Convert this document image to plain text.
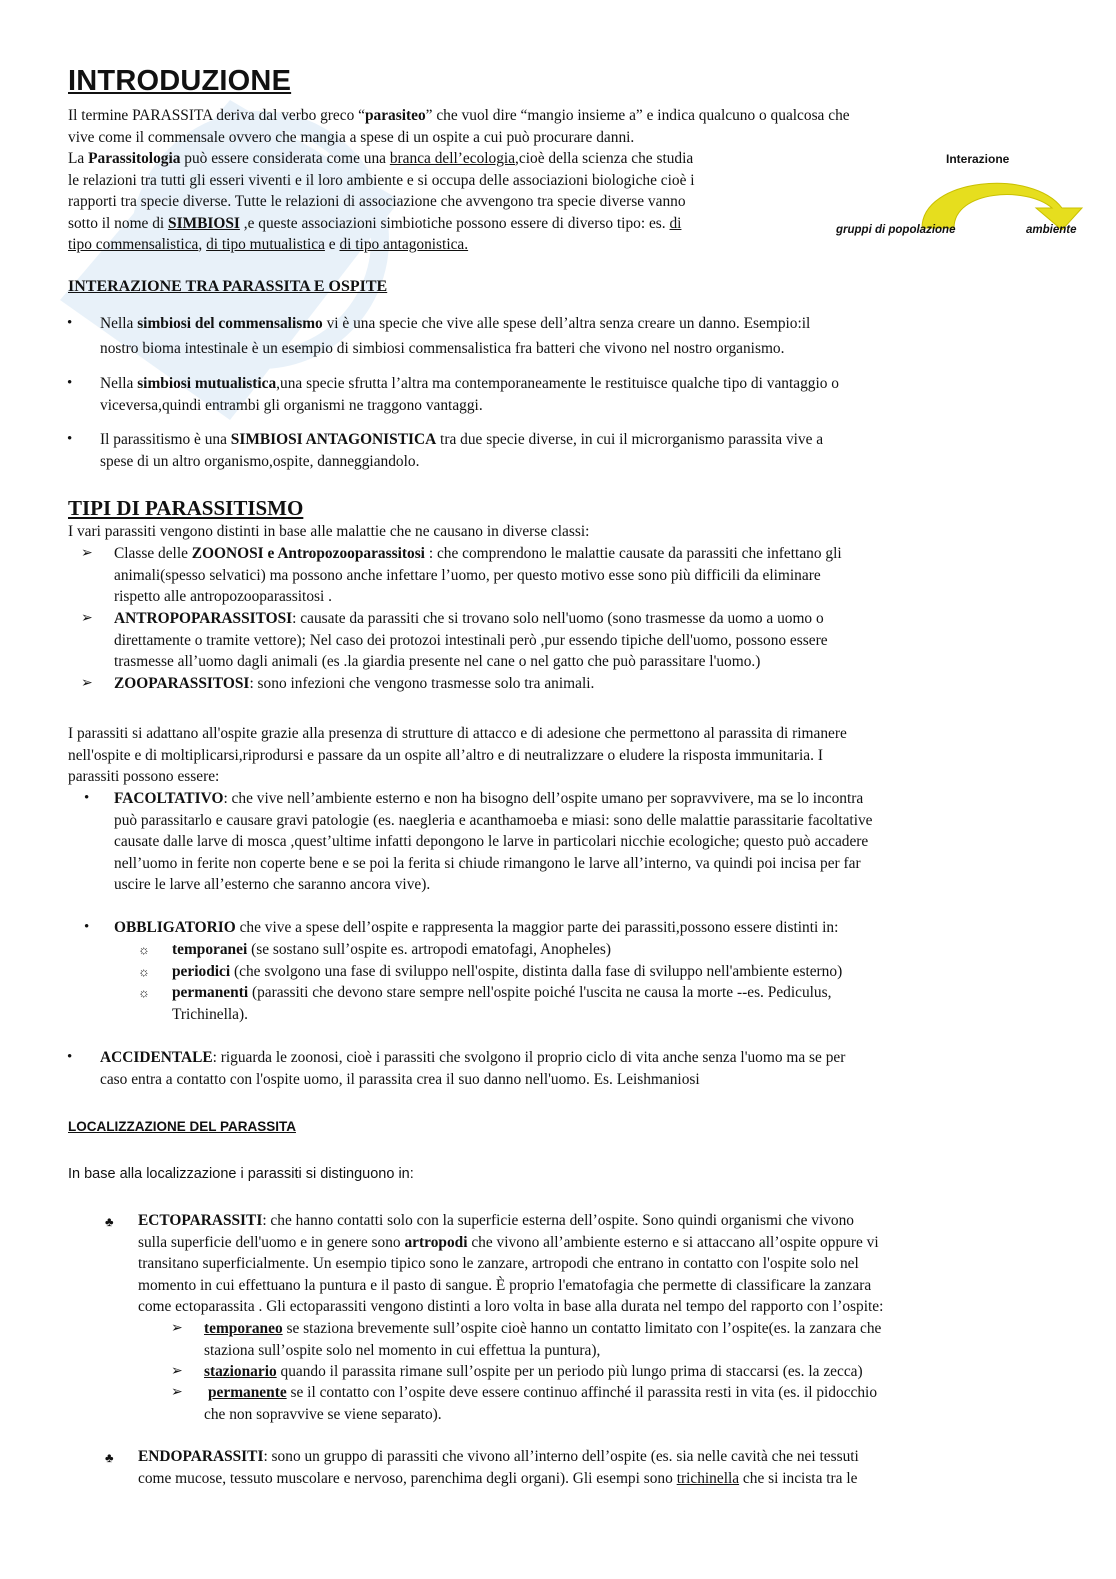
INTRODUZIONE

Il termine PARASSITA deriva dal verbo greco “parasiteo” che vuol dire “mangio insieme a” e indica qualcuno o qualcosa che

vive come il commensale ovvero che mangia a spese di un ospite a cui può procurare danni.

La Parassitologia può essere considerata come una branca dell’ecologia,cioè della scienza che studia

le relazioni tra tutti gli esseri viventi e il loro ambiente e si occupa delle associazioni biologiche cioè i

rapporti tra specie diverse. Tutte le relazioni di associazione che avvengono tra specie diverse vanno

sotto il nome di SIMBIOSI ,e queste associazioni simbiotiche possono essere di diverso tipo: es. di

tipo commensalistica, di tipo mutualistica e di tipo antagonistica.

Interazione
gruppi di popolazione	ambiente
INTERAZIONE TRA PARASSITA E OSPITE
• Nella simbiosi del commensalismo vi è una specie che vive alle spese dell’altra senza creare un danno. Esempio:il

nostro bioma intestinale è un esempio di simbiosi commensalistica fra batteri che vivono nel nostro organismo.

• Nella simbiosi mutualistica,una specie sfrutta l’altra ma contemporaneamente le restituisce qualche tipo di vantaggio o

viceversa,quindi entrambi gli organismi ne traggono vantaggi.

• Il parassitismo è una SIMBIOSI ANTAGONISTICA tra due specie diverse, in cui il microrganismo parassita vive a

spese di un altro organismo,ospite, danneggiandolo.

TIPI DI PARASSITISMO
I vari parassiti vengono distinti in base alle malattie che ne causano in diverse classi:
➢ Classe delle ZOONOSI e Antropozooparassitosi : che comprendono le malattie causate da parassiti che infettano gli

animali(spesso selvatici) ma possono anche infettare l’uomo, per questo motivo esse sono più difficili da eliminare

rispetto alle antropozooparassitosi .

➢ ANTROPOPARASSITOSI: causate da parassiti che si trovano solo nell'uomo (sono trasmesse da uomo a uomo o

direttamente o tramite vettore); Nel caso dei protozoi intestinali però ,pur essendo tipiche dell'uomo, possono essere

trasmesse all’uomo dagli animali (es .la giardia presente nel cane o nel gatto che può parassitare l'uomo.)

➢ ZOOPARASSITOSI: sono infezioni che vengono trasmesse solo tra animali.

I parassiti si adattano all'ospite grazie alla presenza di strutture di attacco e di adesione che permettono al parassita di rimanere

nell'ospite e di moltiplicarsi,riprodursi e passare da un ospite all’altro e di neutralizzare o eludere la risposta immunitaria. I

parassiti possono essere:

• FACOLTATIVO: che vive nell’ambiente esterno e non ha bisogno dell’ospite umano per sopravvivere, ma se lo incontra

può parassitarlo e causare gravi patologie (es. naegleria e acanthamoeba e miasi: sono delle malattie parassitarie facoltative

causate dalle larve di mosca ,quest’ultime infatti depongono le larve in particolari nicchie ecologiche; questo può accadere

nell’uomo in ferite non coperte bene e se poi la ferita si chiude rimangono le larve all’interno, va quindi poi incisa per far

uscire le larve all’esterno che saranno ancora vive).

• OBBLIGATORIO che vive a spese dell’ospite e rappresenta la maggior parte dei parassiti,possono essere distinti in:

☼ temporanei (se sostano sull’ospite es. artropodi ematofagi, Anopheles)

☼ periodici (che svolgono una fase di sviluppo nell'ospite, distinta dalla fase di sviluppo nell'ambiente esterno)

☼ permanenti (parassiti che devono stare sempre nell'ospite poiché l'uscita ne causa la morte --es. Pediculus,

Trichinella).

• ACCIDENTALE: riguarda le zoonosi, cioè i parassiti che svolgono il proprio ciclo di vita anche senza l'uomo ma se per

caso entra a contatto con l'ospite uomo, il parassita crea il suo danno nell'uomo. Es. Leishmaniosi

LOCALIZZAZIONE DEL PARASSITA
In base alla localizzazione i parassiti si distinguono in:
♣ ECTOPARASSITI: che hanno contatti solo con la superficie esterna dell’ospite. Sono quindi organismi che vivono

sulla superficie dell'uomo e in genere sono artropodi che vivono all’ambiente esterno e si attaccano all’ospite oppure vi

transitano superficialmente. Un esempio tipico sono le zanzare, artropodi che entrano in contatto con l'ospite solo nel

momento in cui effettuano la puntura e il pasto di sangue. È proprio l'ematofagia che permette di classificare la zanzara

come ectoparassita . Gli ectoparassiti vengono distinti a loro volta in base alla durata nel tempo del rapporto con l’ospite:

➢ temporaneo se staziona brevemente sull’ospite cioè hanno un contatto limitato con l’ospite(es. la zanzara che

staziona sull’ospite solo nel momento in cui effettua la puntura),

➢ stazionario quando il parassita rimane sull’ospite per un periodo più lungo prima di staccarsi (es. la zecca)

➢ permanente se il contatto con l’ospite deve essere continuo affinché il parassita resti in vita (es. il pidocchio

che non sopravvive se viene separato).

♣ ENDOPARASSITI: sono un gruppo di parassiti che vivono all’interno dell’ospite (es. sia nelle cavità che nei tessuti

come mucose, tessuto muscolare e nervoso, parenchima degli organi). Gli esempi sono trichinella che si incista tra le
